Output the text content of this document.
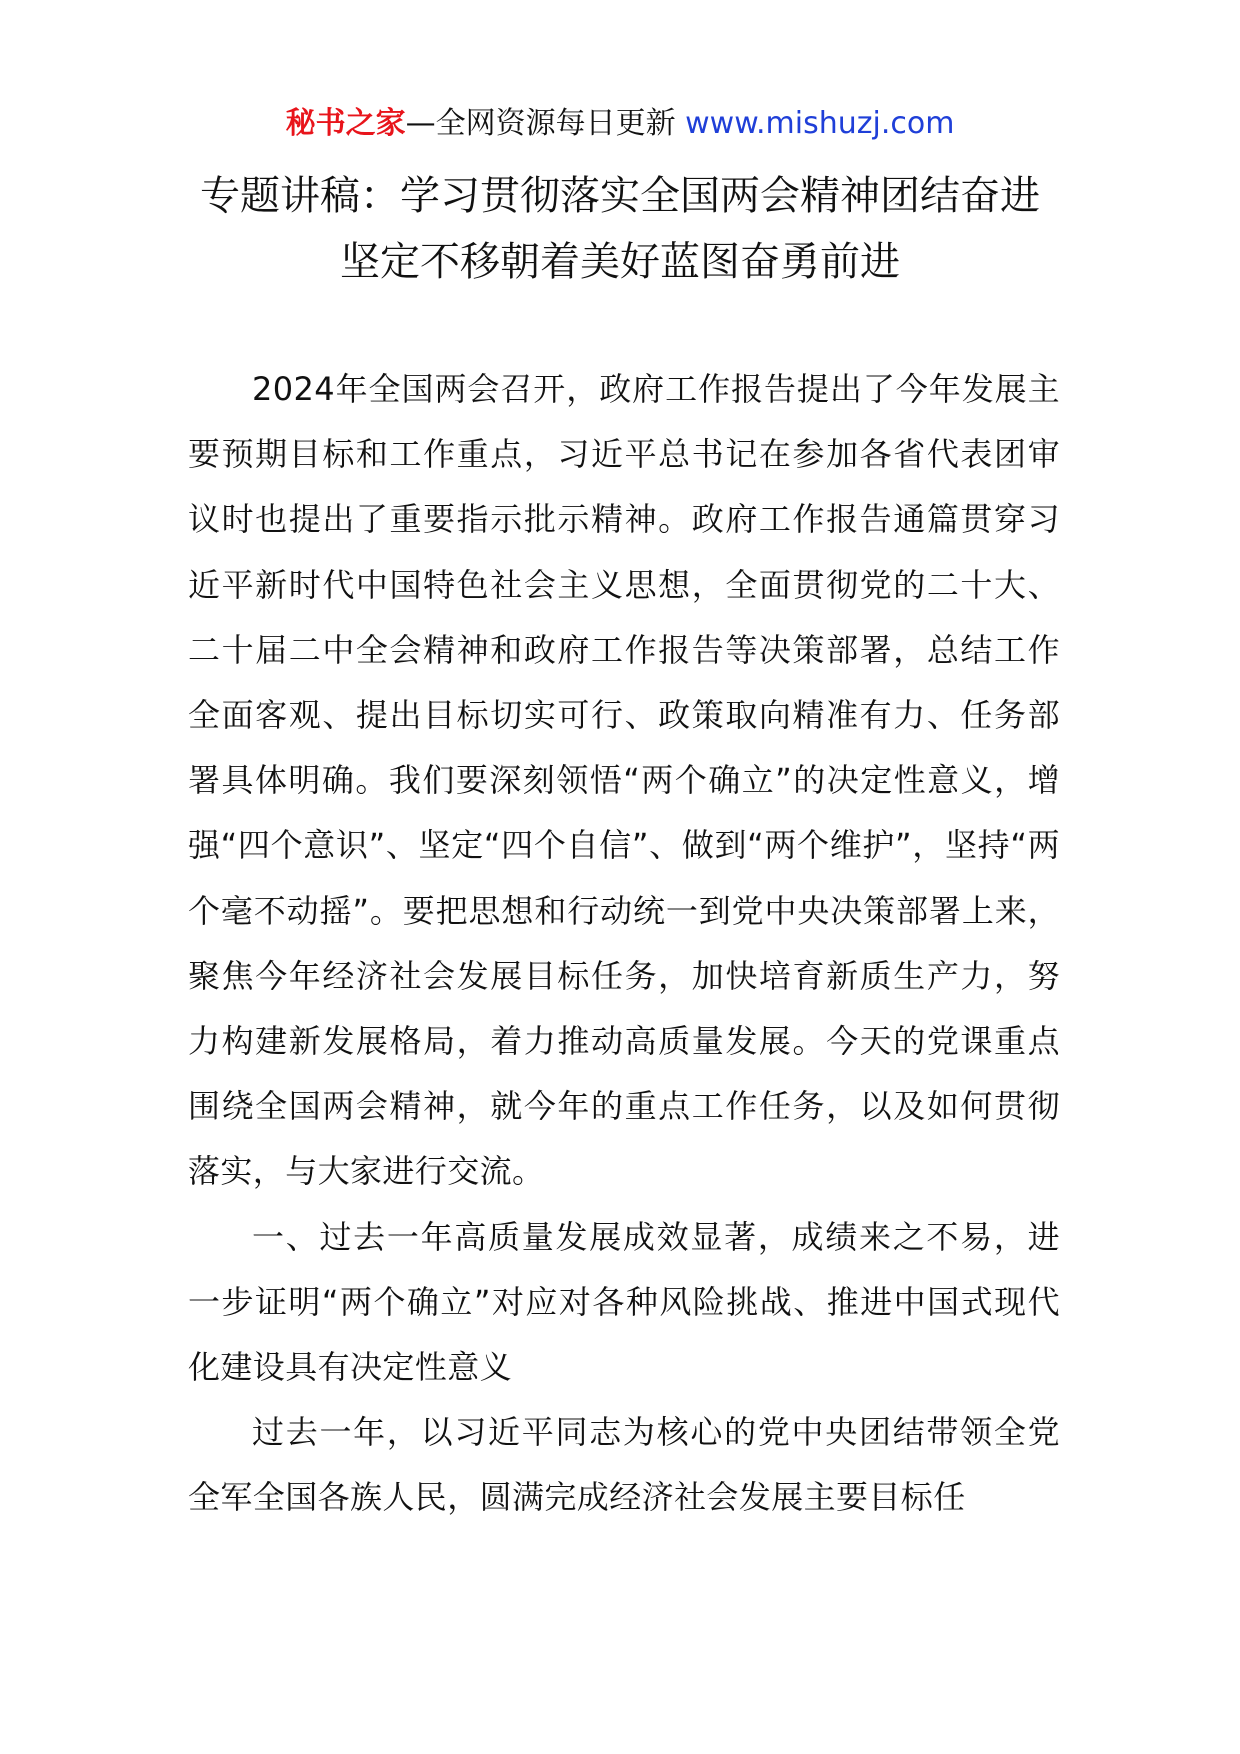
秘书之家—全网资源每日更新 www.mishuzj.com
专题讲稿：学习贯彻落实全国两会精神团结奋进坚定不移朝着美好蓝图奋勇前进

2024年全国两会召开，政府工作报告提出了今年发展主要预期目标和工作重点，习近平总书记在参加各省代表团审议时也提出了重要指示批示精神。政府工作报告通篇贯穿习近平新时代中国特色社会主义思想，全面贯彻党的二十大、二十届二中全会精神和政府工作报告等决策部署，总结工作全面客观、提出目标切实可行、政策取向精准有力、任务部署具体明确。我们要深刻领悟“两个确立”的决定性意义，增强“四个意识”、坚定“四个自信”、做到“两个维护”，坚持“两个毫不动摇”。要把思想和行动统一到党中央决策部署上来，聚焦今年经济社会发展目标任务，加快培育新质生产力，努力构建新发展格局，着力推动高质量发展。今天的党课重点围绕全国两会精神，就今年的重点工作任务，以及如何贯彻落实，与大家进行交流。

一、过去一年高质量发展成效显著，成绩来之不易，进一步证明“两个确立”对应对各种风险挑战、推进中国式现代化建设具有决定性意义

过去一年，以习近平同志为核心的党中央团结带领全党全军全国各族人民，圆满完成经济社会发展主要目标任
